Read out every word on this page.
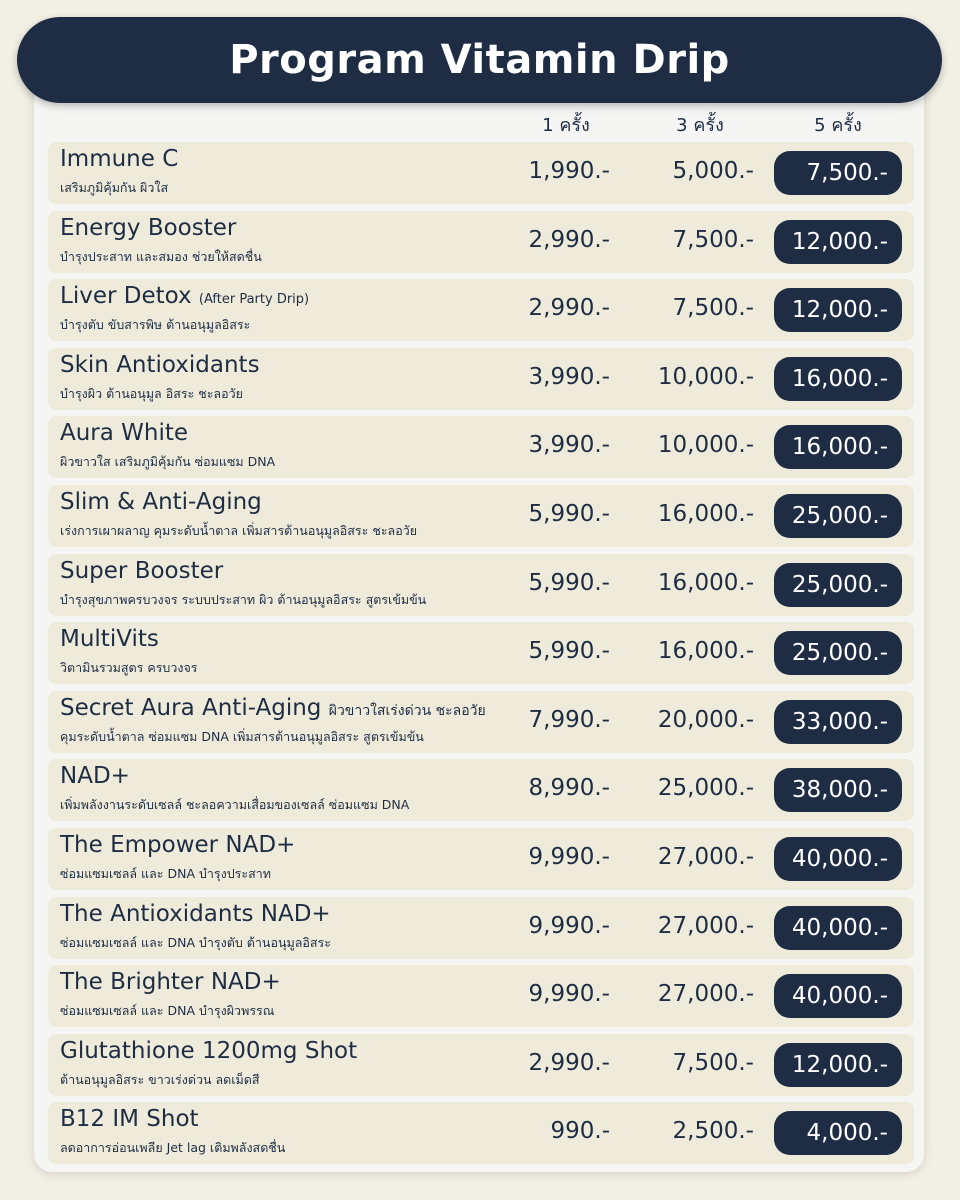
Program Vitamin Drip
1 ครั้ง	3 ครั้ง	5 ครั้ง
Immune C
เสริมภูมิคุ้มกัน ผิวใส
1,990.-	5,000.- 7,500.-
Energy Booster
บำรุงประสาท และสมอง ช่วยให้สดชื่น
2,990.-	7,500.- 12,000.-
Liver Detox (After Party Drip)
บำรุงตับ ขับสารพิษ ต้านอนุมูลอิสระ
2,990.-	7,500.- 12,000.-
Skin Antioxidants
บำรุงผิว ต้านอนุมูล อิสระ ชะลอวัย
3,990.-	10,000.- 16,000.-
Aura White
ผิวขาวใส เสริมภูมิคุ้มกัน ซ่อมแซม DNA
3,990.-	10,000.- 16,000.-
Slim & Anti-Aging
เร่งการเผาผลาญ คุมระดับน้ำตาล เพิ่มสารต้านอนุมูลอิสระ ชะลอวัย
5,990.-	16,000.- 25,000.-
Super Booster
บำรุงสุขภาพครบวงจร ระบบประสาท ผิว ต้านอนุมูลอิสระ สูตรเข้มข้น
5,990.-	16,000.- 25,000.-
MultiVits
วิตามินรวมสูตร ครบวงจร
5,990.-	16,000.- 25,000.-
Secret Aura Anti-Aging ผิวขาวใสเร่งด่วน ชะลอวัย
คุมระดับน้ำตาล ซ่อมแซม DNA เพิ่มสารต้านอนุมูลอิสระ สูตรเข้มข้น
7,990.-	20,000.- 33,000.-
NAD+
เพิ่มพลังงานระดับเซลล์ ชะลอความเสื่อมของเซลล์ ซ่อมแซม DNA
8,990.-	25,000.- 38,000.-
The Empower NAD+
ซ่อมแซมเซลล์ และ DNA บำรุงประสาท
9,990.-	27,000.- 40,000.-
The Antioxidants NAD+
ซ่อมแซมเซลล์ และ DNA บำรุงตับ ต้านอนุมูลอิสระ
9,990.-	27,000.- 40,000.-
The Brighter NAD+
ซ่อมแซมเซลล์ และ DNA บำรุงผิวพรรณ
9,990.-	27,000.- 40,000.-
Glutathione 1200mg Shot
ต้านอนุมูลอิสระ ขาวเร่งด่วน ลดเม็ดสี
2,990.-	7,500.- 12,000.-
B12 IM Shot
ลดอาการอ่อนเพลีย Jet lag เติมพลังสดชื่น
990.-	2,500.- 4,000.-
